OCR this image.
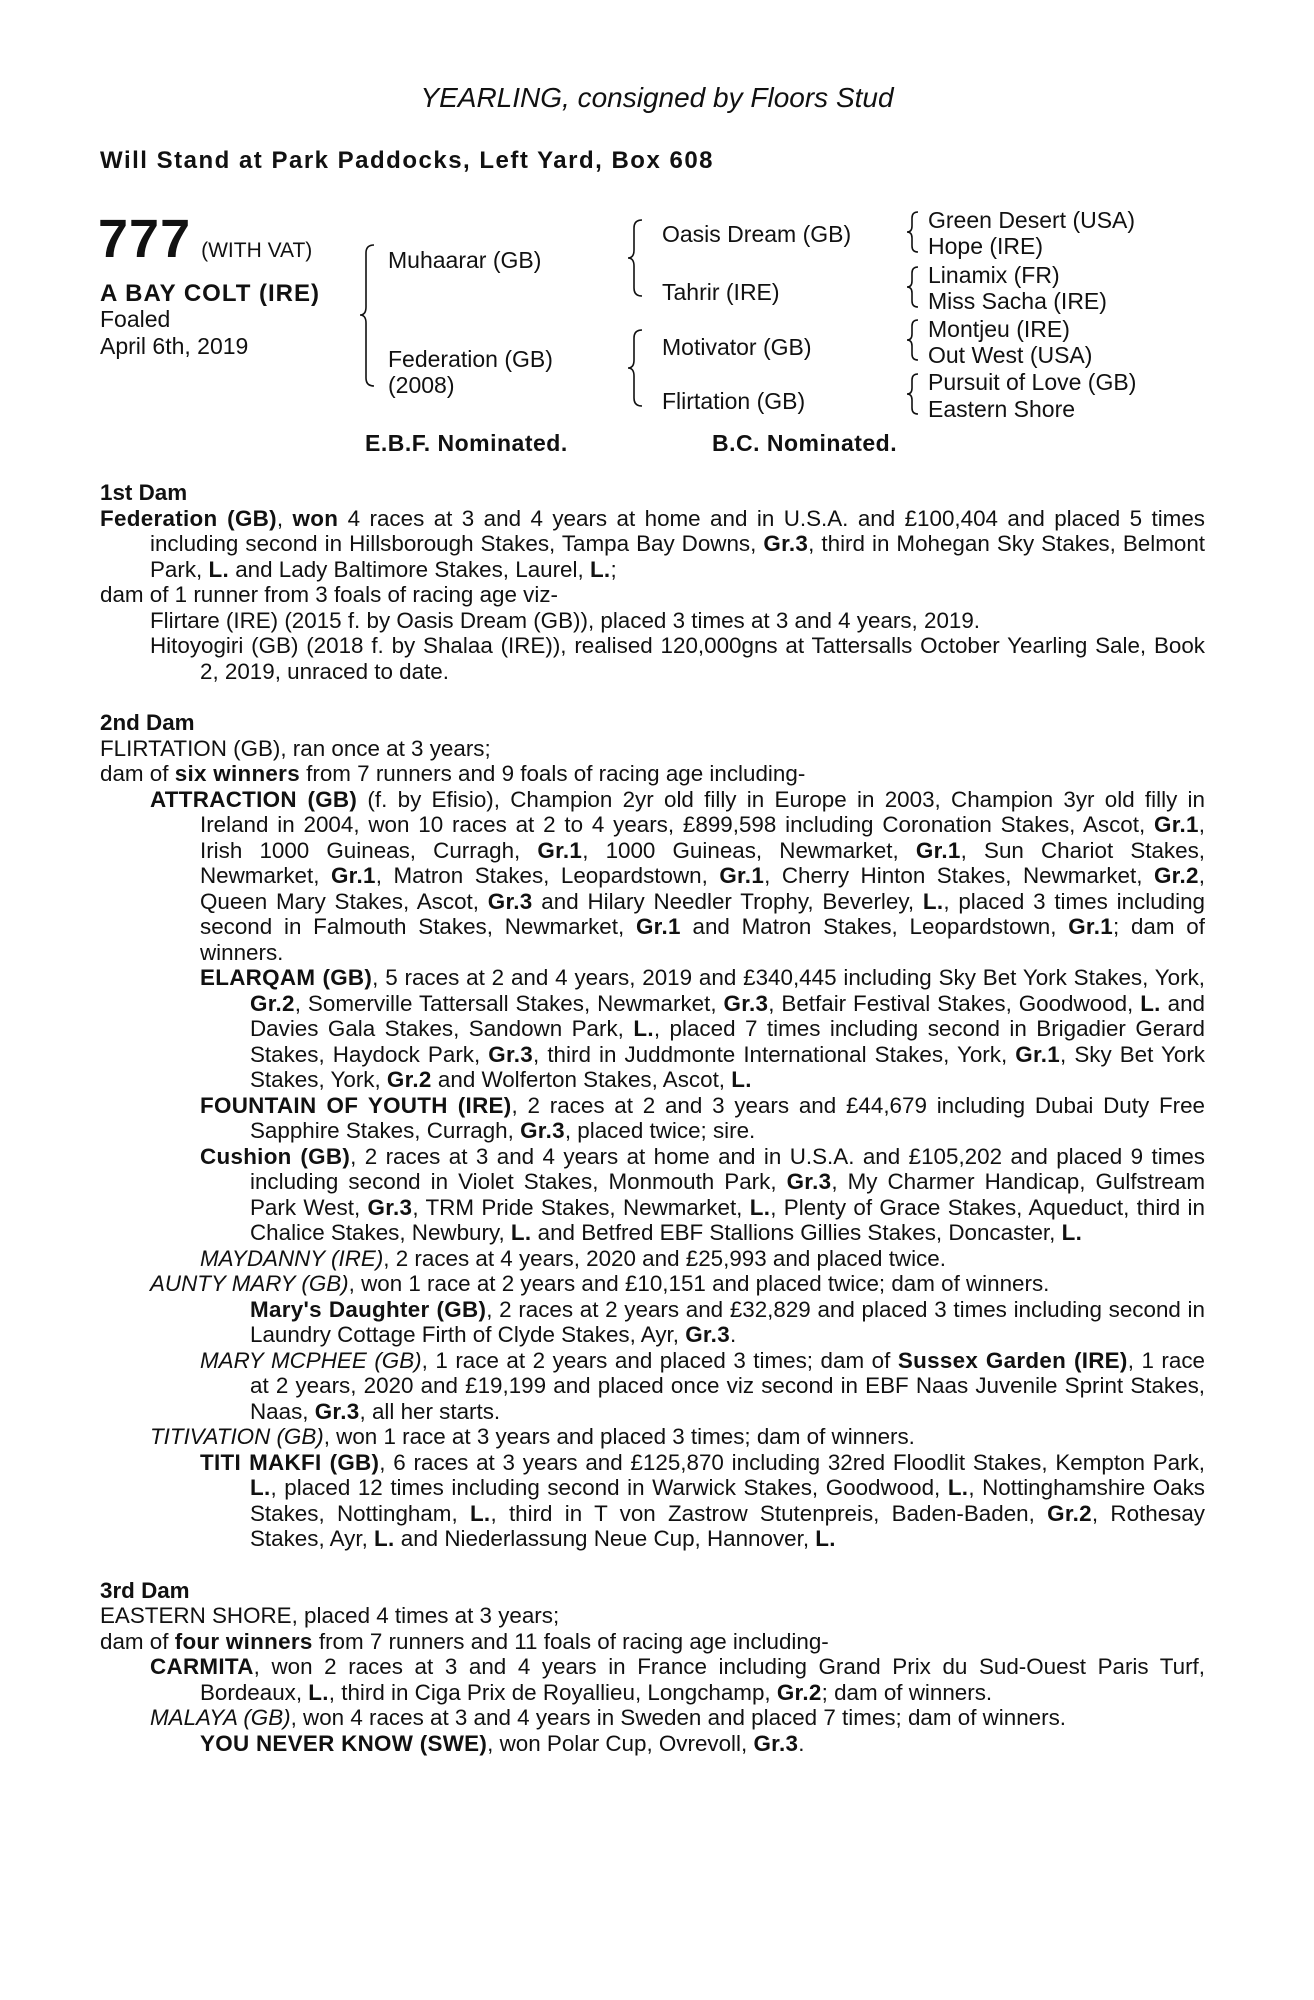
YEARLING, consigned by Floors Stud
Will Stand at Park Paddocks, Left Yard, Box 608
777 (WITH VAT)
A BAY COLT (IRE)
Foaled
April 6th, 2019
Muhaarar (GB)
Federation (GB)
(2008)
Oasis Dream (GB)
Tahrir (IRE)
Motivator (GB)
Flirtation (GB)
Green Desert (USA)
Hope (IRE)
Linamix (FR)
Miss Sacha (IRE)
Montjeu (IRE)
Out West (USA)
Pursuit of Love (GB)
Eastern Shore
E.B.F. Nominated.	B.C. Nominated.

1st Dam

Federation (GB), won 4 races at 3 and 4 years at home and in U.S.A. and £100,404 and placed 5 times including second in Hillsborough Stakes, Tampa Bay Downs, Gr.3, third in Mohegan Sky Stakes, Belmont Park, L. and Lady Baltimore Stakes, Laurel, L.;

dam of 1 runner from 3 foals of racing age viz-

Flirtare (IRE) (2015 f. by Oasis Dream (GB)), placed 3 times at 3 and 4 years, 2019.

Hitoyogiri (GB) (2018 f. by Shalaa (IRE)), realised 120,000gns at Tattersalls October Yearling Sale, Book 2, 2019, unraced to date.

2nd Dam

FLIRTATION (GB), ran once at 3 years;

dam of six winners from 7 runners and 9 foals of racing age including-

ATTRACTION (GB) (f. by Efisio), Champion 2yr old filly in Europe in 2003, Champion 3yr old filly in Ireland in 2004, won 10 races at 2 to 4 years, £899,598 including Coronation Stakes, Ascot, Gr.1, Irish 1000 Guineas, Curragh, Gr.1, 1000 Guineas, Newmarket, Gr.1, Sun Chariot Stakes, Newmarket, Gr.1, Matron Stakes, Leopardstown, Gr.1, Cherry Hinton Stakes, Newmarket, Gr.2, Queen Mary Stakes, Ascot, Gr.3 and Hilary Needler Trophy, Beverley, L., placed 3 times including second in Falmouth Stakes, Newmarket, Gr.1 and Matron Stakes, Leopardstown, Gr.1; dam of winners.

ELARQAM (GB), 5 races at 2 and 4 years, 2019 and £340,445 including Sky Bet York Stakes, York, Gr.2, Somerville Tattersall Stakes, Newmarket, Gr.3, Betfair Festival Stakes, Goodwood, L. and Davies Gala Stakes, Sandown Park, L., placed 7 times including second in Brigadier Gerard Stakes, Haydock Park, Gr.3, third in Juddmonte International Stakes, York, Gr.1, Sky Bet York Stakes, York, Gr.2 and Wolferton Stakes, Ascot, L.

FOUNTAIN OF YOUTH (IRE), 2 races at 2 and 3 years and £44,679 including Dubai Duty Free Sapphire Stakes, Curragh, Gr.3, placed twice; sire.

Cushion (GB), 2 races at 3 and 4 years at home and in U.S.A. and £105,202 and placed 9 times including second in Violet Stakes, Monmouth Park, Gr.3, My Charmer Handicap, Gulfstream Park West, Gr.3, TRM Pride Stakes, Newmarket, L., Plenty of Grace Stakes, Aqueduct, third in Chalice Stakes, Newbury, L. and Betfred EBF Stallions Gillies Stakes, Doncaster, L.

MAYDANNY (IRE), 2 races at 4 years, 2020 and £25,993 and placed twice.

AUNTY MARY (GB), won 1 race at 2 years and £10,151 and placed twice; dam of winners.

Mary's Daughter (GB), 2 races at 2 years and £32,829 and placed 3 times including second in Laundry Cottage Firth of Clyde Stakes, Ayr, Gr.3.

MARY MCPHEE (GB), 1 race at 2 years and placed 3 times; dam of Sussex Garden (IRE), 1 race at 2 years, 2020 and £19,199 and placed once viz second in EBF Naas Juvenile Sprint Stakes, Naas, Gr.3, all her starts.

TITIVATION (GB), won 1 race at 3 years and placed 3 times; dam of winners.

TITI MAKFI (GB), 6 races at 3 years and £125,870 including 32red Floodlit Stakes, Kempton Park, L., placed 12 times including second in Warwick Stakes, Goodwood, L., Nottinghamshire Oaks Stakes, Nottingham, L., third in T von Zastrow Stutenpreis, Baden-Baden, Gr.2, Rothesay Stakes, Ayr, L. and Niederlassung Neue Cup, Hannover, L.

3rd Dam

EASTERN SHORE, placed 4 times at 3 years;

dam of four winners from 7 runners and 11 foals of racing age including-

CARMITA, won 2 races at 3 and 4 years in France including Grand Prix du Sud-Ouest Paris Turf, Bordeaux, L., third in Ciga Prix de Royallieu, Longchamp, Gr.2; dam of winners.

MALAYA (GB), won 4 races at 3 and 4 years in Sweden and placed 7 times; dam of winners.

YOU NEVER KNOW (SWE), won Polar Cup, Ovrevoll, Gr.3.
